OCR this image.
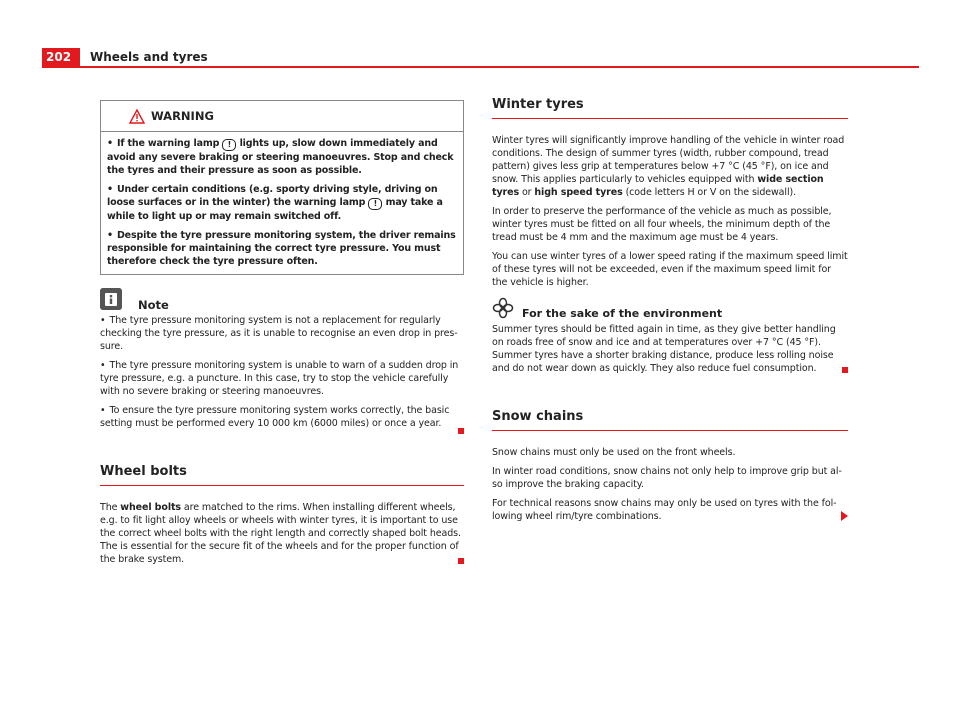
202	Wheels and tyres
WARNING
• If the warning lamp ! lights up, slow down immediately and avoid any severe braking or steering manoeuvres. Stop and check the tyres and their pressure as soon as possible.
• Under certain conditions (e.g. sporty driving style, driving on loose surfaces or in the winter) the warning lamp ! may take a while to light up or may remain switched off.
• Despite the tyre pressure monitoring system, the driver remains responsible for maintaining the correct tyre pressure. You must therefore check the tyre pressure often.
Note

• The tyre pressure monitoring system is not a replacement for regularly checking the tyre pressure, as it is unable to recognise an even drop in pressure.

• The tyre pressure monitoring system is unable to warn of a sudden drop in tyre pressure, e.g. a puncture. In this case, try to stop the vehicle carefully with no severe braking or steering manoeuvres.

• To ensure the tyre pressure monitoring system works correctly, the basic setting must be performed every 10 000 km (6000 miles) or once a year.

Wheel bolts

The wheel bolts are matched to the rims. When installing different wheels, e.g. to fit light alloy wheels or wheels with winter tyres, it is important to use the correct wheel bolts with the right length and correctly shaped bolt heads. The is essential for the secure fit of the wheels and for the proper function of the brake system.

Winter tyres

Winter tyres will significantly improve handling of the vehicle in winter road conditions. The design of summer tyres (width, rubber compound, tread pattern) gives less grip at temperatures below +7 °C (45 °F), on ice and snow. This applies particularly to vehicles equipped with wide section tyres or high speed tyres (code letters H or V on the sidewall).

In order to preserve the performance of the vehicle as much as possible, winter tyres must be fitted on all four wheels, the minimum depth of the tread must be 4 mm and the maximum age must be 4 years.

You can use winter tyres of a lower speed rating if the maximum speed limit of these tyres will not be exceeded, even if the maximum speed limit for the vehicle is higher.

For the sake of the environment

Summer tyres should be fitted again in time, as they give better handling on roads free of snow and ice and at temperatures over +7 °C (45 °F). Summer tyres have a shorter braking distance, produce less rolling noise and do not wear down as quickly. They also reduce fuel consumption.

Snow chains

Snow chains must only be used on the front wheels.

In winter road conditions, snow chains not only help to improve grip but also improve the braking capacity.

For technical reasons snow chains may only be used on tyres with the following wheel rim/tyre combinations.
